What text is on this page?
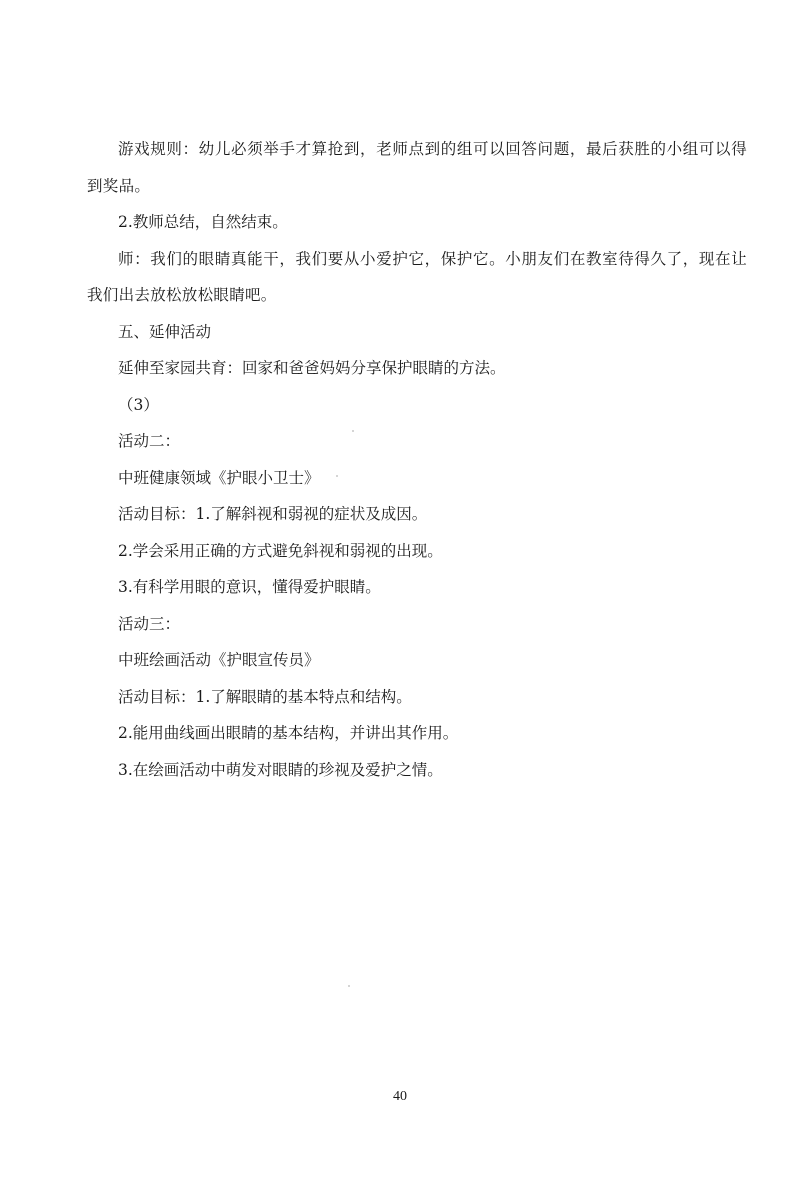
游戏规则：幼儿必须举手才算抢到，老师点到的组可以回答问题，最后获胜的小组可以得到奖品。

2.教师总结，自然结束。

师：我们的眼睛真能干，我们要从小爱护它，保护它。小朋友们在教室待得久了，现在让我们出去放松放松眼睛吧。

五、延伸活动

延伸至家园共育：回家和爸爸妈妈分享保护眼睛的方法。

（3）

活动二：

中班健康领域《护眼小卫士》

活动目标：1.了解斜视和弱视的症状及成因。

2.学会采用正确的方式避免斜视和弱视的出现。

3.有科学用眼的意识，懂得爱护眼睛。

活动三：

中班绘画活动《护眼宣传员》

活动目标：1.了解眼睛的基本特点和结构。

2.能用曲线画出眼睛的基本结构，并讲出其作用。

3.在绘画活动中萌发对眼睛的珍视及爱护之情。

40
